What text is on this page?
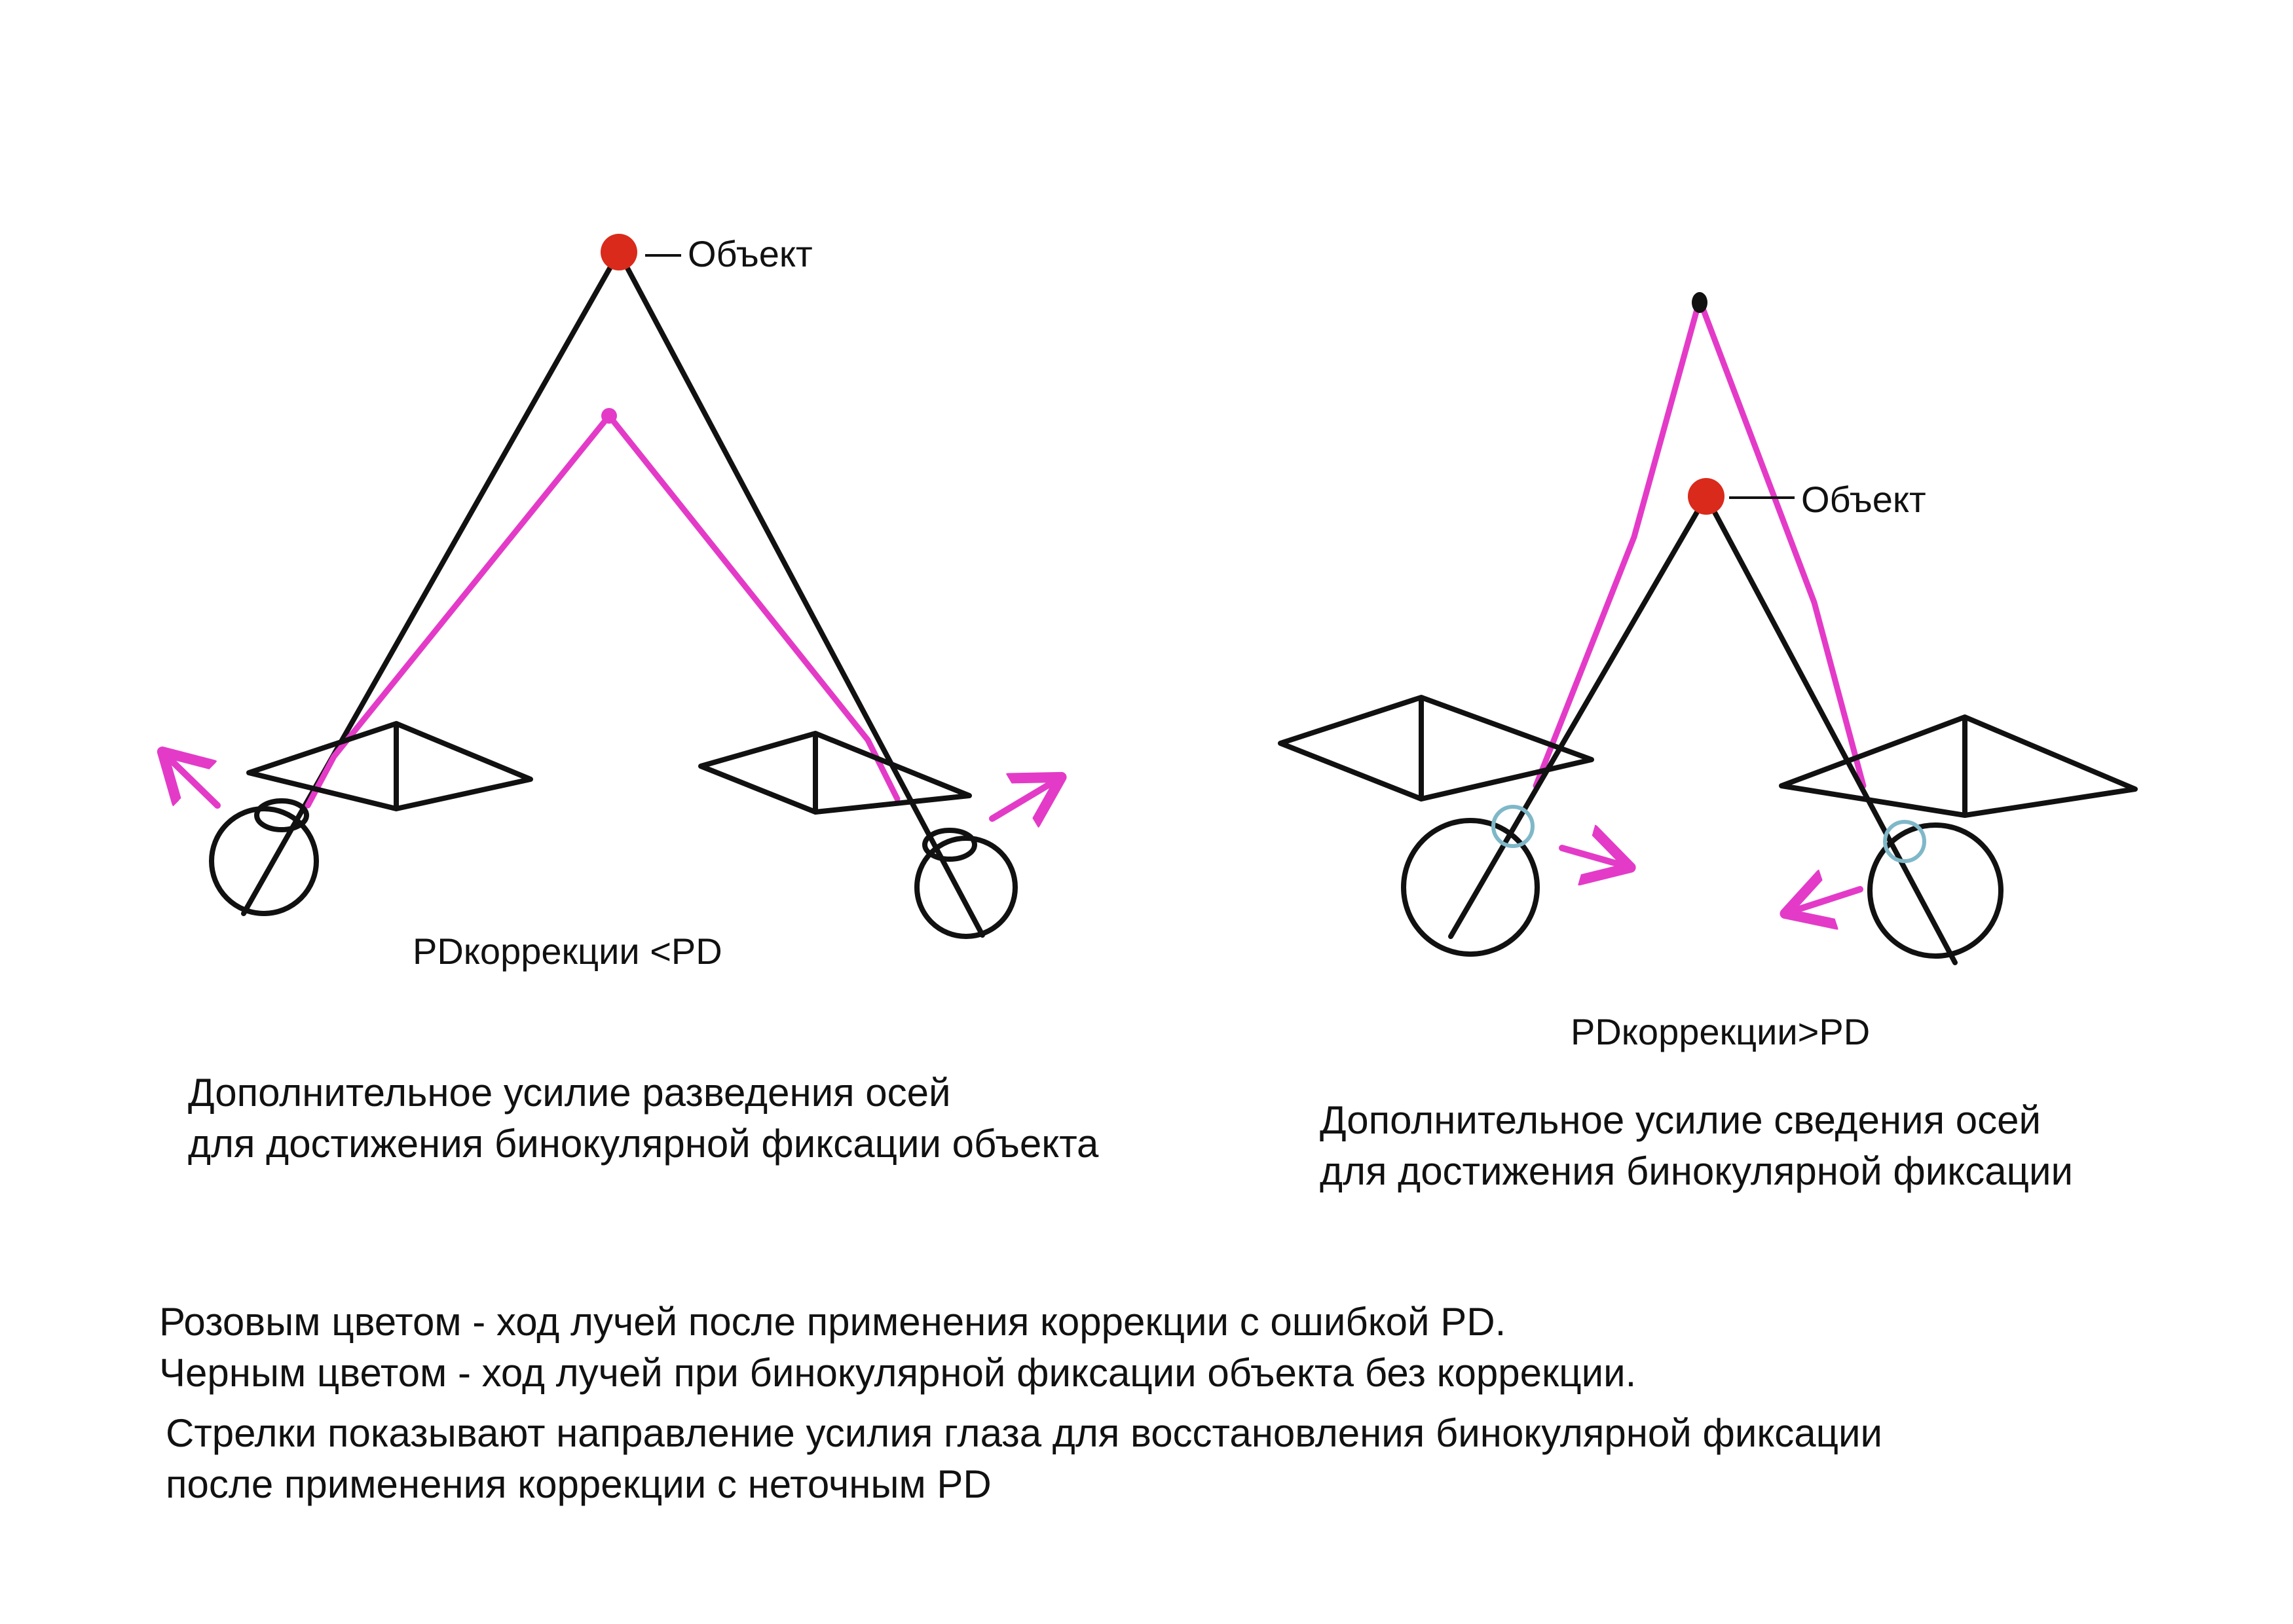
Объект
Объект
PDкоррекции <PD
PDкоррекции>PD
Дополнительное усилие разведения осей
для достижения бинокулярной фиксации объекта
Дополнительное усилие сведения осей
для достижения бинокулярной фиксации
Розовым цветом - ход лучей после применения коррекции с ошибкой PD.
Черным цветом - ход лучей при бинокулярной фиксации объекта без коррекции.
Стрелки показывают направление усилия глаза для восстановления бинокулярной фиксации
после применения коррекции с неточным PD
